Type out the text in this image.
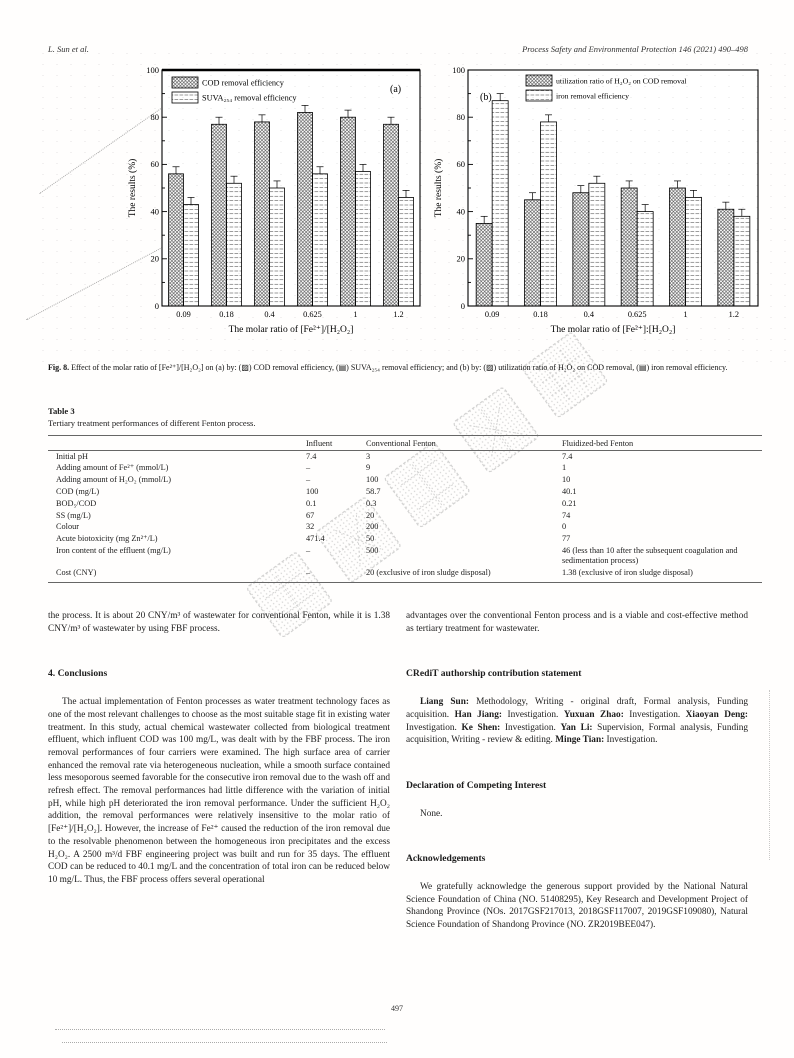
L. Sun et al.	Process Safety and Environmental Protection 146 (2021) 490–498
0
20
40
60
80
100
0.09	0.18	0.4	0.625	1	1.2
COD removal efficiency
SUVA₂₅₄ removal efficiency
(a)
The molar ratio of [Fe²⁺]/[H₂O₂]
The results (%)
0
20
40
60
80
100
0.09	0.18	0.4	0.625	1	1.2
utilization ratio of H₂O₂ on COD removal
iron removal efficiency
(b)
The molar ratio of [Fe²⁺]:[H₂O₂]
The results (%)
Fig. 8. Effect of the molar ratio of [Fe²⁺]/[H₂O₂] on (a) by: (▨) COD removal efficiency, (▤) SUVA₂₅₄ removal efficiency; and (b) by: (▨) utilization ratio of H₂O₂ on COD removal, (▤) iron removal efficiency.
Table 3
Tertiary treatment performances of different Fenton process.
	Influent	Conventional Fenton	Fluidized-bed Fenton
Initial pH	7.4	3	7.4
Adding amount of Fe²⁺ (mmol/L)	–	9	1
Adding amount of H₂O₂ (mmol/L)	–	100	10
COD (mg/L)	100	58.7	40.1
BOD₅/COD	0.1	0.3	0.21
SS (mg/L)	67	20	74
Colour	32	200	0
Acute biotoxicity (mg Zn²⁺/L)	471.4	50	77
Iron content of the effluent (mg/L)	–	500	46 (less than 10 after the subsequent coagulation and sedimentation process)
Cost (CNY)	–	20 (exclusive of iron sludge disposal)	1.38 (exclusive of iron sludge disposal)

the process. It is about 20 CNY/m³ of wastewater for conventional Fenton, while it is 1.38 CNY/m³ of wastewater by using FBF process.

4. Conclusions

The actual implementation of Fenton processes as water treatment technology faces as one of the most relevant challenges to choose as the most suitable stage fit in existing water treatment. In this study, actual chemical wastewater collected from biological treatment effluent, which influent COD was 100 mg/L, was dealt with by the FBF process. The iron removal performances of four carriers were examined. The high surface area of carrier enhanced the removal rate via heterogeneous nucleation, while a smooth surface contained less mesoporous seemed favorable for the consecutive iron removal due to the wash off and refresh effect. The removal performances had little difference with the variation of initial pH, while high pH deteriorated the iron removal performance. Under the sufficient H₂O₂ addition, the removal performances were relatively insensitive to the molar ratio of [Fe²⁺]/[H₂O₂]. However, the increase of Fe²⁺ caused the reduction of the iron removal due to the resolvable phenomenon between the homogeneous iron precipitates and the excess H₂O₂. A 2500 m³/d FBF engineering project was built and run for 35 days. The effluent COD can be reduced to 40.1 mg/L and the concentration of total iron can be reduced below 10 mg/L. Thus, the FBF process offers several operational

advantages over the conventional Fenton process and is a viable and cost-effective method as tertiary treatment for wastewater.

CRediT authorship contribution statement

Liang Sun: Methodology, Writing - original draft, Formal analysis, Funding acquisition. Han Jiang: Investigation. Yuxuan Zhao: Investigation. Xiaoyan Deng: Investigation. Ke Shen: Investigation. Yan Li: Supervision, Formal analysis, Funding acquisition, Writing - review & editing. Minge Tian: Investigation.

Declaration of Competing Interest

None.

Acknowledgements

We gratefully acknowledge the generous support provided by the National Natural Science Foundation of China (NO. 51408295), Key Research and Development Project of Shandong Province (NOs. 2017GSF217013, 2018GSF117007, 2019GSF109080), Natural Science Foundation of Shandong Province (NO. ZR2019BEE047).

497
